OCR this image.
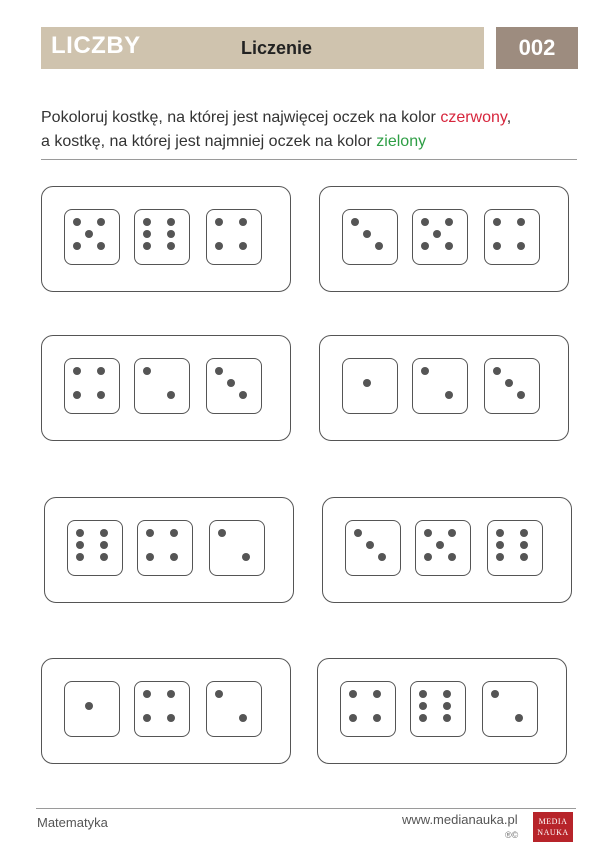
LICZBY	Liczenie	002
Pokoloruj kostkę, na której jest najwięcej oczek na kolor czerwony,
a kostkę, na której jest najmniej oczek na kolor zielony
Matematyka	www.medianauka.pl
®©
MEDIA
NAUKA
